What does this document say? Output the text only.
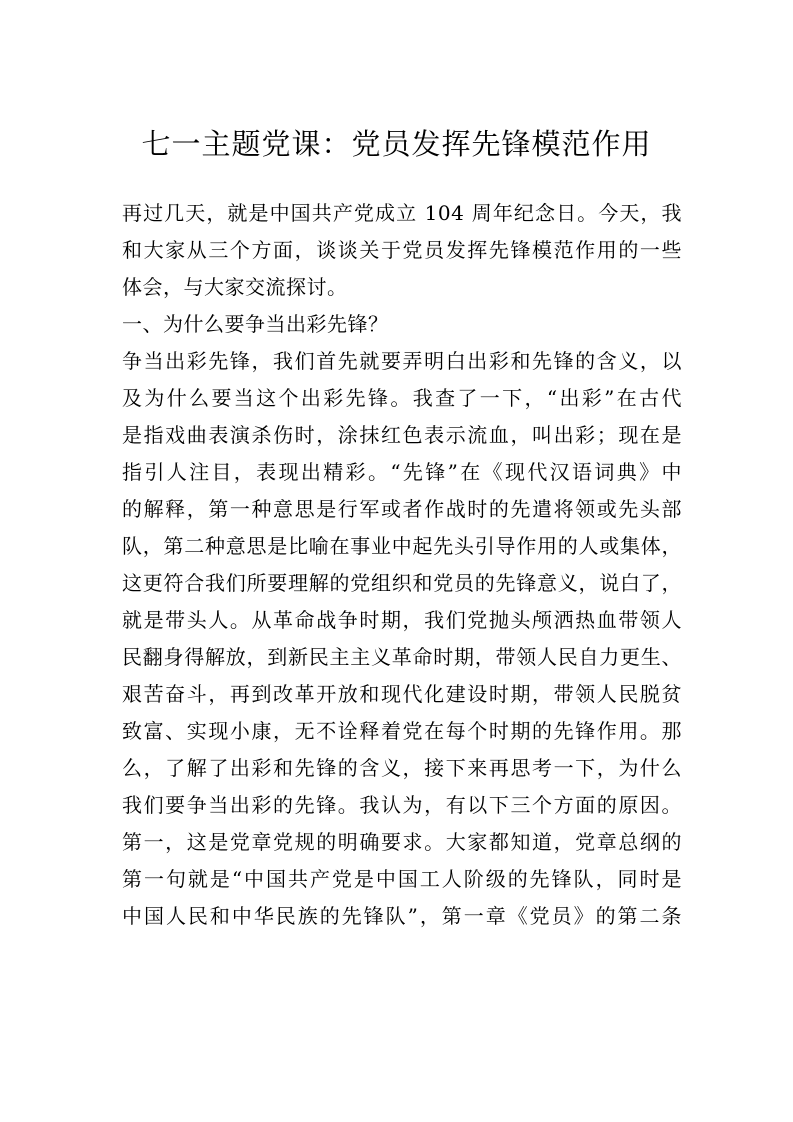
七一主题党课：党员发挥先锋模范作用
再过几天，就是中国共产党成立 104 周年纪念日。今天，我
和大家从三个方面，谈谈关于党员发挥先锋模范作用的一些
体会，与大家交流探讨。
一、为什么要争当出彩先锋？
争当出彩先锋，我们首先就要弄明白出彩和先锋的含义，以
及为什么要当这个出彩先锋。我查了一下，“出彩”在古代
是指戏曲表演杀伤时，涂抹红色表示流血，叫出彩；现在是
指引人注目，表现出精彩。“先锋”在《现代汉语词典》中
的解释，第一种意思是行军或者作战时的先遣将领或先头部
队，第二种意思是比喻在事业中起先头引导作用的人或集体，
这更符合我们所要理解的党组织和党员的先锋意义，说白了，
就是带头人。从革命战争时期，我们党抛头颅洒热血带领人
民翻身得解放，到新民主主义革命时期，带领人民自力更生、
艰苦奋斗，再到改革开放和现代化建设时期，带领人民脱贫
致富、实现小康，无不诠释着党在每个时期的先锋作用。那
么，了解了出彩和先锋的含义，接下来再思考一下，为什么
我们要争当出彩的先锋。我认为，有以下三个方面的原因。
第一，这是党章党规的明确要求。大家都知道，党章总纲的
第一句就是“中国共产党是中国工人阶级的先锋队，同时是
中国人民和中华民族的先锋队”，第一章《党员》的第二条
